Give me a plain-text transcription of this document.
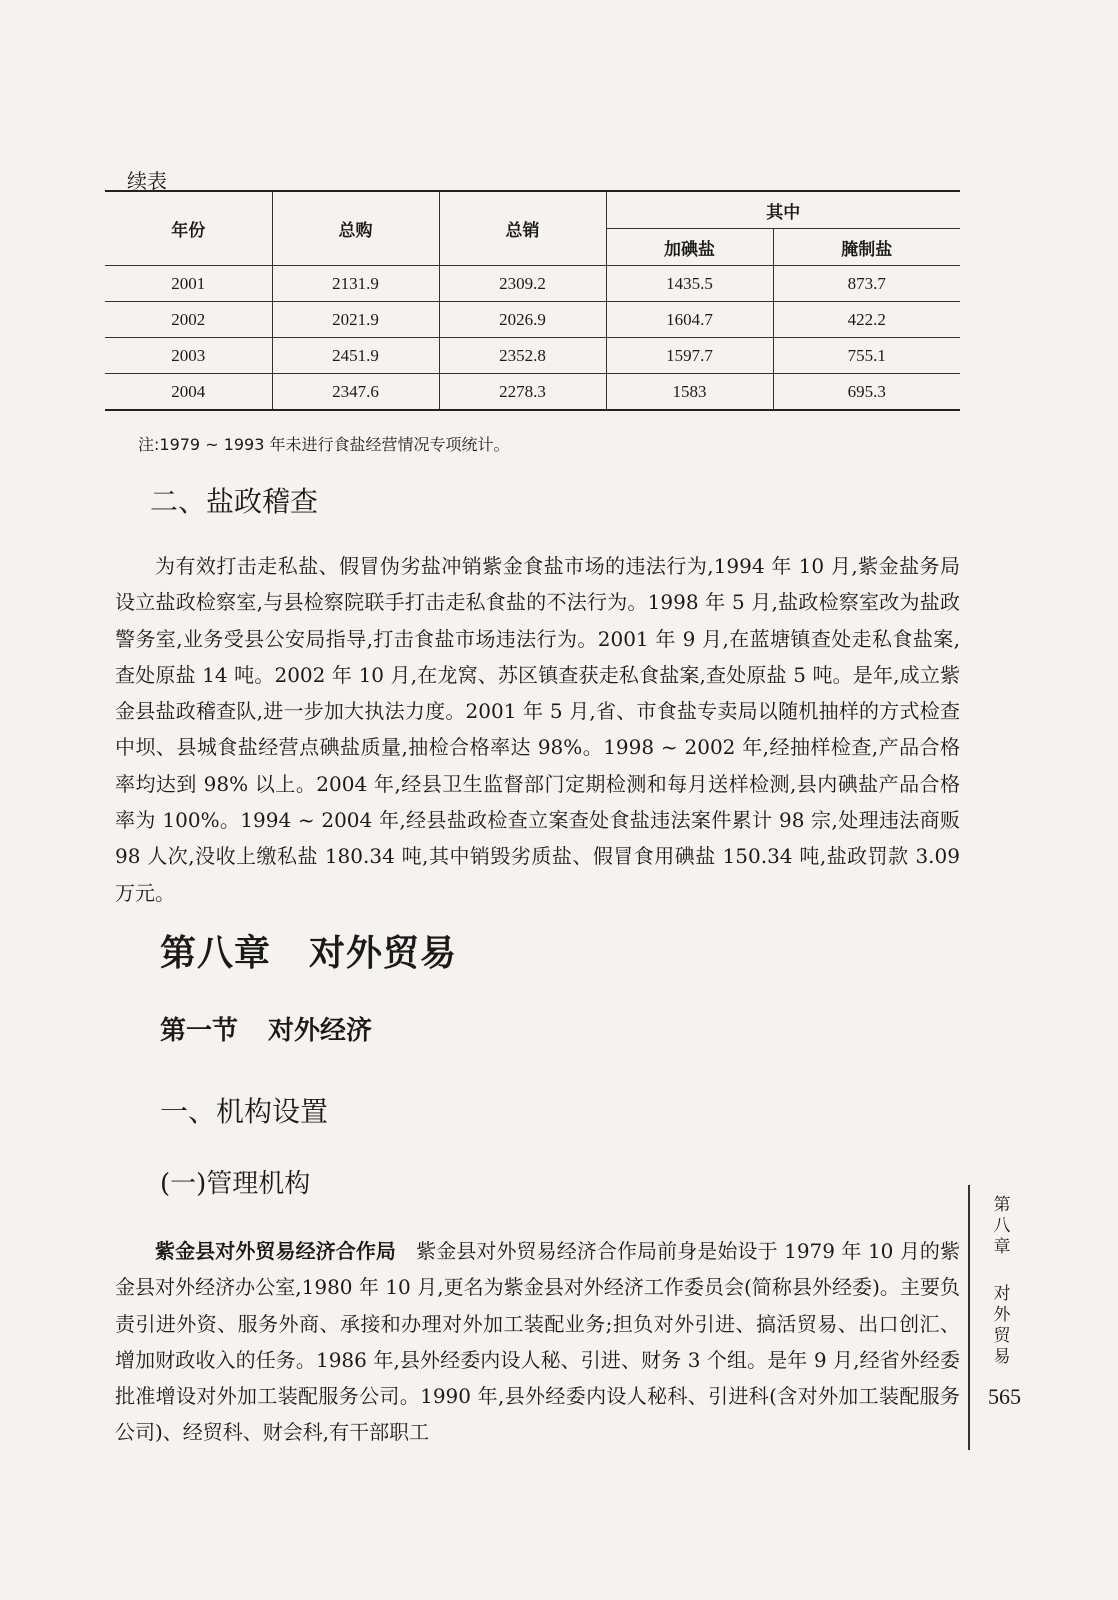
续表
年份	总购	总销	其中	
			加碘盐	腌制盐
2001	2131.9	2309.2	1435.5	873.7
2002	2021.9	2026.9	1604.7	422.2
2003	2451.9	2352.8	1597.7	755.1
2004	2347.6	2278.3	1583	695.3
注:1979 ~ 1993 年未进行食盐经营情况专项统计。
二、盐政稽查

为有效打击走私盐、假冒伪劣盐冲销紫金食盐市场的违法行为,1994 年 10 月,紫金盐务局设立盐政检察室,与县检察院联手打击走私食盐的不法行为。1998 年 5 月,盐政检察室改为盐政警务室,业务受县公安局指导,打击食盐市场违法行为。2001 年 9 月,在蓝塘镇查处走私食盐案,查处原盐 14 吨。2002 年 10 月,在龙窝、苏区镇查获走私食盐案,查处原盐 5 吨。是年,成立紫金县盐政稽查队,进一步加大执法力度。2001 年 5 月,省、市食盐专卖局以随机抽样的方式检查中坝、县城食盐经营点碘盐质量,抽检合格率达 98%。1998 ~ 2002 年,经抽样检查,产品合格率均达到 98% 以上。2004 年,经县卫生监督部门定期检测和每月送样检测,县内碘盐产品合格率为 100%。1994 ~ 2004 年,经县盐政检查立案查处食盐违法案件累计 98 宗,处理违法商贩 98 人次,没收上缴私盐 180.34 吨,其中销毁劣质盐、假冒食用碘盐 150.34 吨,盐政罚款 3.09 万元。

第八章 对外贸易
第一节 对外经济
一、机构设置
(一)管理机构

紫金县对外贸易经济合作局　 紫金县对外贸易经济合作局前身是始设于 1979 年 10 月的紫金县对外经济办公室,1980 年 10 月,更名为紫金县对外经济工作委员会(简称县外经委)。主要负责引进外资、服务外商、承接和办理对外加工装配业务;担负对外引进、搞活贸易、出口创汇、增加财政收入的任务。1986 年,县外经委内设人秘、引进、财务 3 个组。是年 9 月,经省外经委批准增设对外加工装配服务公司。1990 年,县外经委内设人秘科、引进科(含对外加工装配服务公司)、经贸科、财会科,有干部职工

第八章
对外贸易
565
